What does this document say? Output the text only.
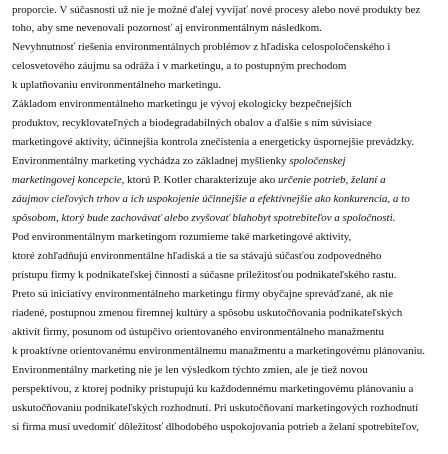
proporcie. V súčasnosti už nie je možné ďalej vyvíjať nové procesy alebo nové produkty bez
toho, aby sme nevenovali pozornosť aj environmentálnym následkom.
Nevyhnutnosť riešenia environmentálnych problémov z hľadiska celospoločenského i
celosvetového záujmu sa odráža i v marketingu, a to postupným prechodom
k uplatňovaniu environmentálneho marketingu.
Základom environmentálneho marketingu je vývoj ekologicky bezpečnejších
produktov, recyklovateľných a biodegradabilných obalov a ďalšie s ním súvisiace
marketingové aktivity, účinnejšia kontrola znečistenia a energeticky úspornejšie prevádzky.
Environmentálny marketing vychádza zo základnej myšlienky spoločenskej
marketingovej koncepcie, ktorú P. Kotler charakterizuje ako určenie potrieb, želaní a
záujmov cieľových trhov a ich uspokojenie účinnejšie a efektívnejšie ako konkurencia, a to
spôsobom, ktorý bude zachovávať alebo zvyšovať blahobyt spotrebiteľov a spoločnosti.
Pod environmentálnym marketingom rozumieme také marketingové aktivity,
ktoré zohľadňujú environmentálne hľadiská a tie sa stávajú súčasťou zodpovedného
prístupu firmy k podnikateľskej činnosti a súčasne príležitosťou podnikateľského rastu.
Preto sú iniciatívy environmentálneho marketingu firmy obyčajne spreváďzané, ak nie
riadené, postupnou zmenou firemnej kultúry a spôsobu uskutočňovania podnikateľských
aktivít firmy, posunom od ústupčivo orientovaného environmentálneho manažmentu
k proaktívne orientovanému environmentálnemu manažmentu a marketingovému plánovaniu.
Environmentálny marketing nie je len výsledkom týchto zmien, ale je tiež novou
perspektívou, z ktorej podniky pristupujú ku každodennému marketingovému plánovaniu a
uskutočňovaniu podnikateľských rozhodnutí. Pri uskutočňovaní marketingových rozhodnutí
si firma musí uvedomiť dôležitosť dlhodobého uspokojovania potrieb a želaní spotrebiteľov,
